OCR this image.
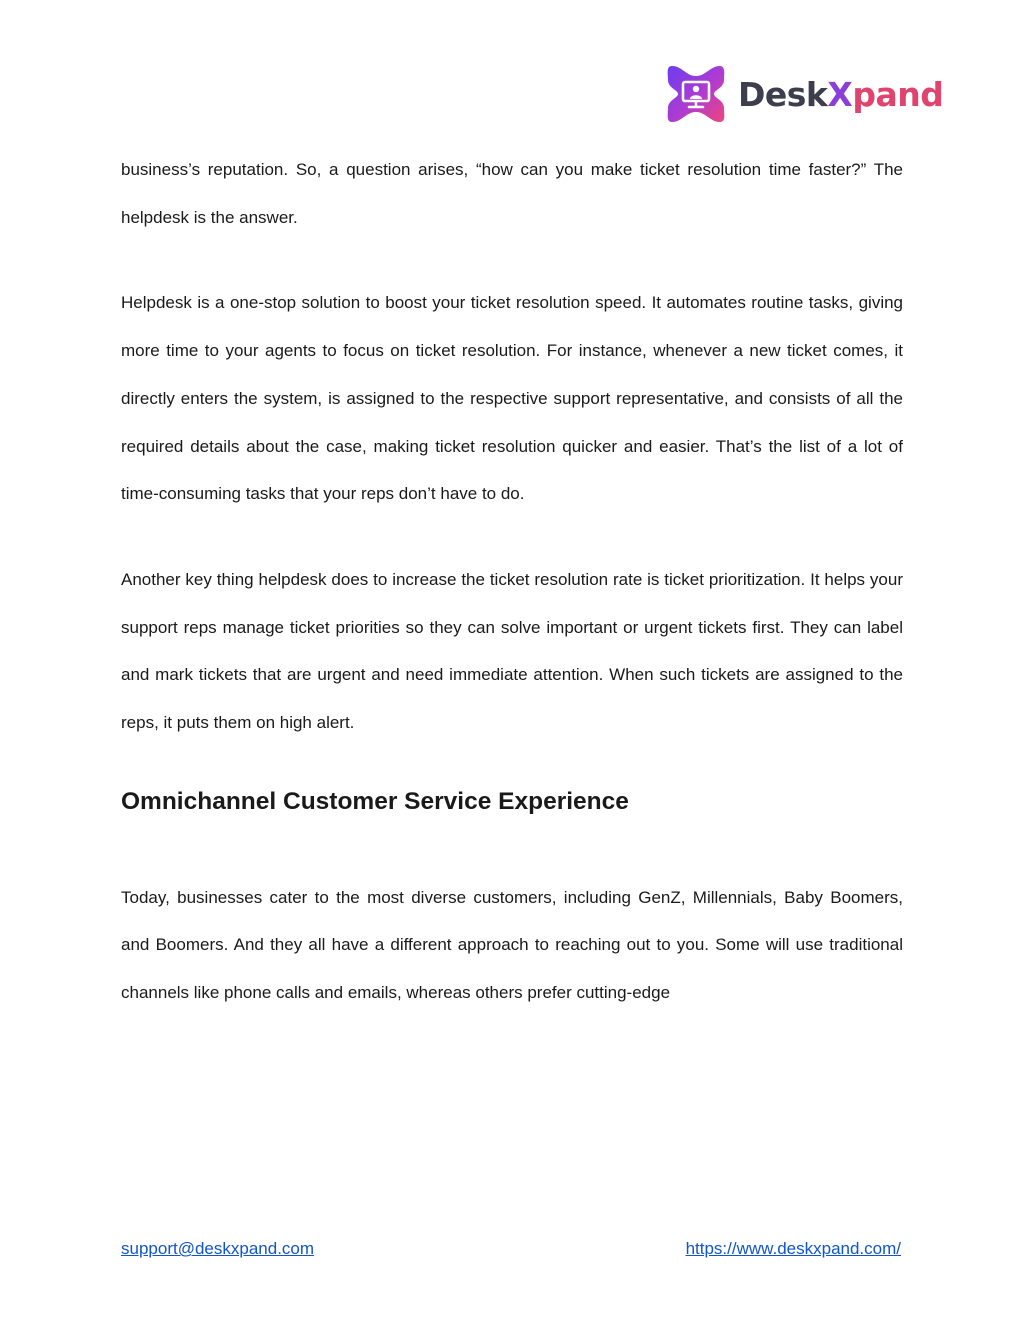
DeskXpand

business’s reputation. So, a question arises, “how can you make ticket resolution time faster?” The helpdesk is the answer.

Helpdesk is a one-stop solution to boost your ticket resolution speed. It automates routine tasks, giving more time to your agents to focus on ticket resolution. For instance, whenever a new ticket comes, it directly enters the system, is assigned to the respective support representative, and consists of all the required details about the case, making ticket resolution quicker and easier. That’s the list of a lot of time-consuming tasks that your reps don’t have to do.

Another key thing helpdesk does to increase the ticket resolution rate is ticket prioritization. It helps your support reps manage ticket priorities so they can solve important or urgent tickets first. They can label and mark tickets that are urgent and need immediate attention. When such tickets are assigned to the reps, it puts them on high alert.

Omnichannel Customer Service Experience

Today, businesses cater to the most diverse customers, including GenZ, Millennials, Baby Boomers, and Boomers. And they all have a different approach to reaching out to you. Some will use traditional channels like phone calls and emails, whereas others prefer cutting-edge

support@deskxpand.com	https://www.deskxpand.com/
